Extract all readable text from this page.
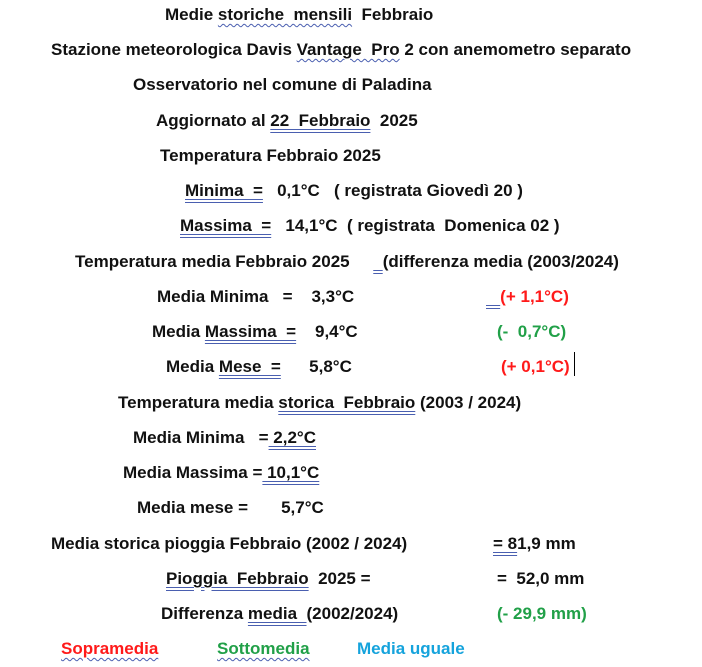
Medie storiche  mensili  Febbraio
Stazione meteorologica Davis Vantage  Pro 2 con anemometro separato
Osservatorio nel comune di Paladina
Aggiornato al 22  Febbraio  2025
Temperatura Febbraio 2025
Minima  =   0,1°C   ( registrata Giovedì 20 )
Massima  =   14,1°C  ( registrata  Domenica 02 )
Temperatura media Febbraio 2025       (differenza media (2003/2024)
Media Minima   =    3,3°C	(+ 1,1°C)
Media Massima  =    9,4°C	(-  0,7°C)
Media Mese  =      5,8°C	(+ 0,1°C)
Temperatura media storica  Febbraio (2003 / 2024)
Media Minima   = 2,2°C
Media Massima = 10,1°C
Media mese =       5,7°C
Media storica pioggia Febbraio (2002 / 2024)	= 81,9 mm
Pioggia  Febbraio  2025 =	=  52,0 mm
Differenza media  (2002/2024)	(- 29,9 mm)
Sopramedia	Sottomedia	Media uguale
